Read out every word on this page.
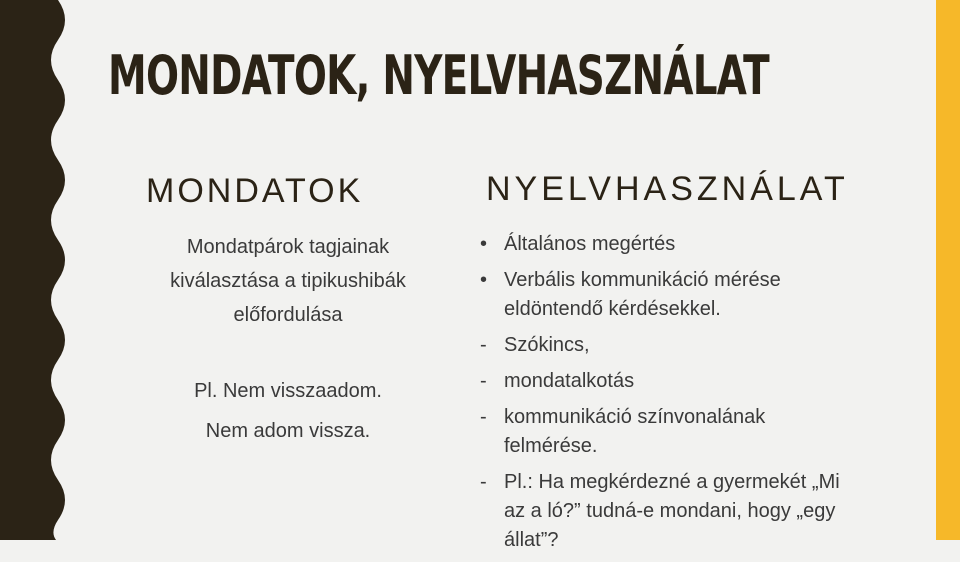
MONDATOK, NYELVHASZNÁLAT
MONDATOK	NYELVHASZNÁLAT
Mondatpárok tagjainak
kiválasztása a tipikushibák
előfordulása
Pl. Nem visszaadom.
Nem adom vissza.
• Általános megértés
• Verbális kommunikáció mérése
eldöntendő kérdésekkel.
- Szókincs,
- mondatalkotás
- kommunikáció színvonalának
felmérése.
- Pl.: Ha megkérdezné a gyermekét „Mi
az a ló?” tudná-e mondani, hogy „egy
állat”?
